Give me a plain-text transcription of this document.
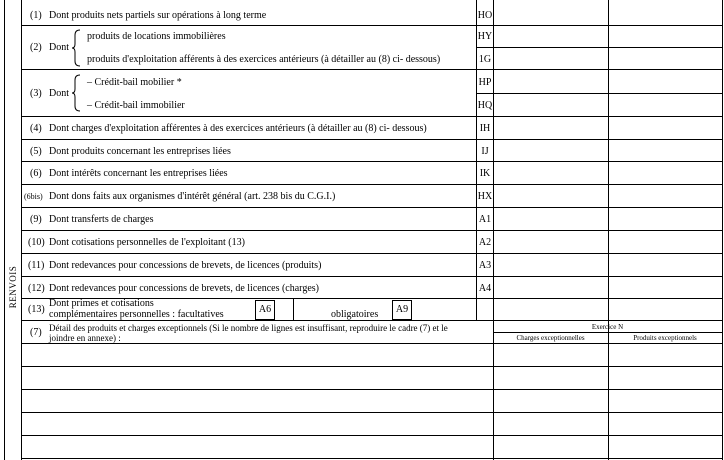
RENVOIS
(1) Dont produits nets partiels sur opérations à long terme	HO
(2) Dont
produits de locations immobilières	HY
produits d'exploitation afférents à des exercices antérieurs (à détailler au (8) ci- dessous)	1G
(3) Dont
– Crédit-bail mobilier *	HP
– Crédit-bail immobilier	HQ
(4) Dont charges d'exploitation afférentes à des exercices antérieurs (à détailler au (8) ci- dessous)	IH
(5) Dont produits concernant les entreprises liées	IJ
(6) Dont intérêts concernant les entreprises liées	IK
(6bis) Dont dons faits aux organismes d'intérêt général (art. 238 bis du C.G.I.)	HX
(9) Dont transferts de charges	A1
(10) Dont cotisations personnelles de l'exploitant (13)	A2
(11) Dont redevances pour concessions de brevets, de licences (produits)	A3
(12) Dont redevances pour concessions de brevets, de licences (charges)	A4
(13)
Dont primes et cotisations
complémentaires personnelles : facultatives	A6	obligatoires	A9
(7) Détail des produits et charges exceptionnels (Si le nombre de lignes est insuffisant, reproduire le cadre (7) et le
joindre en annexe) :
Exercice N
Charges exceptionnelles	Produits exceptionnels
